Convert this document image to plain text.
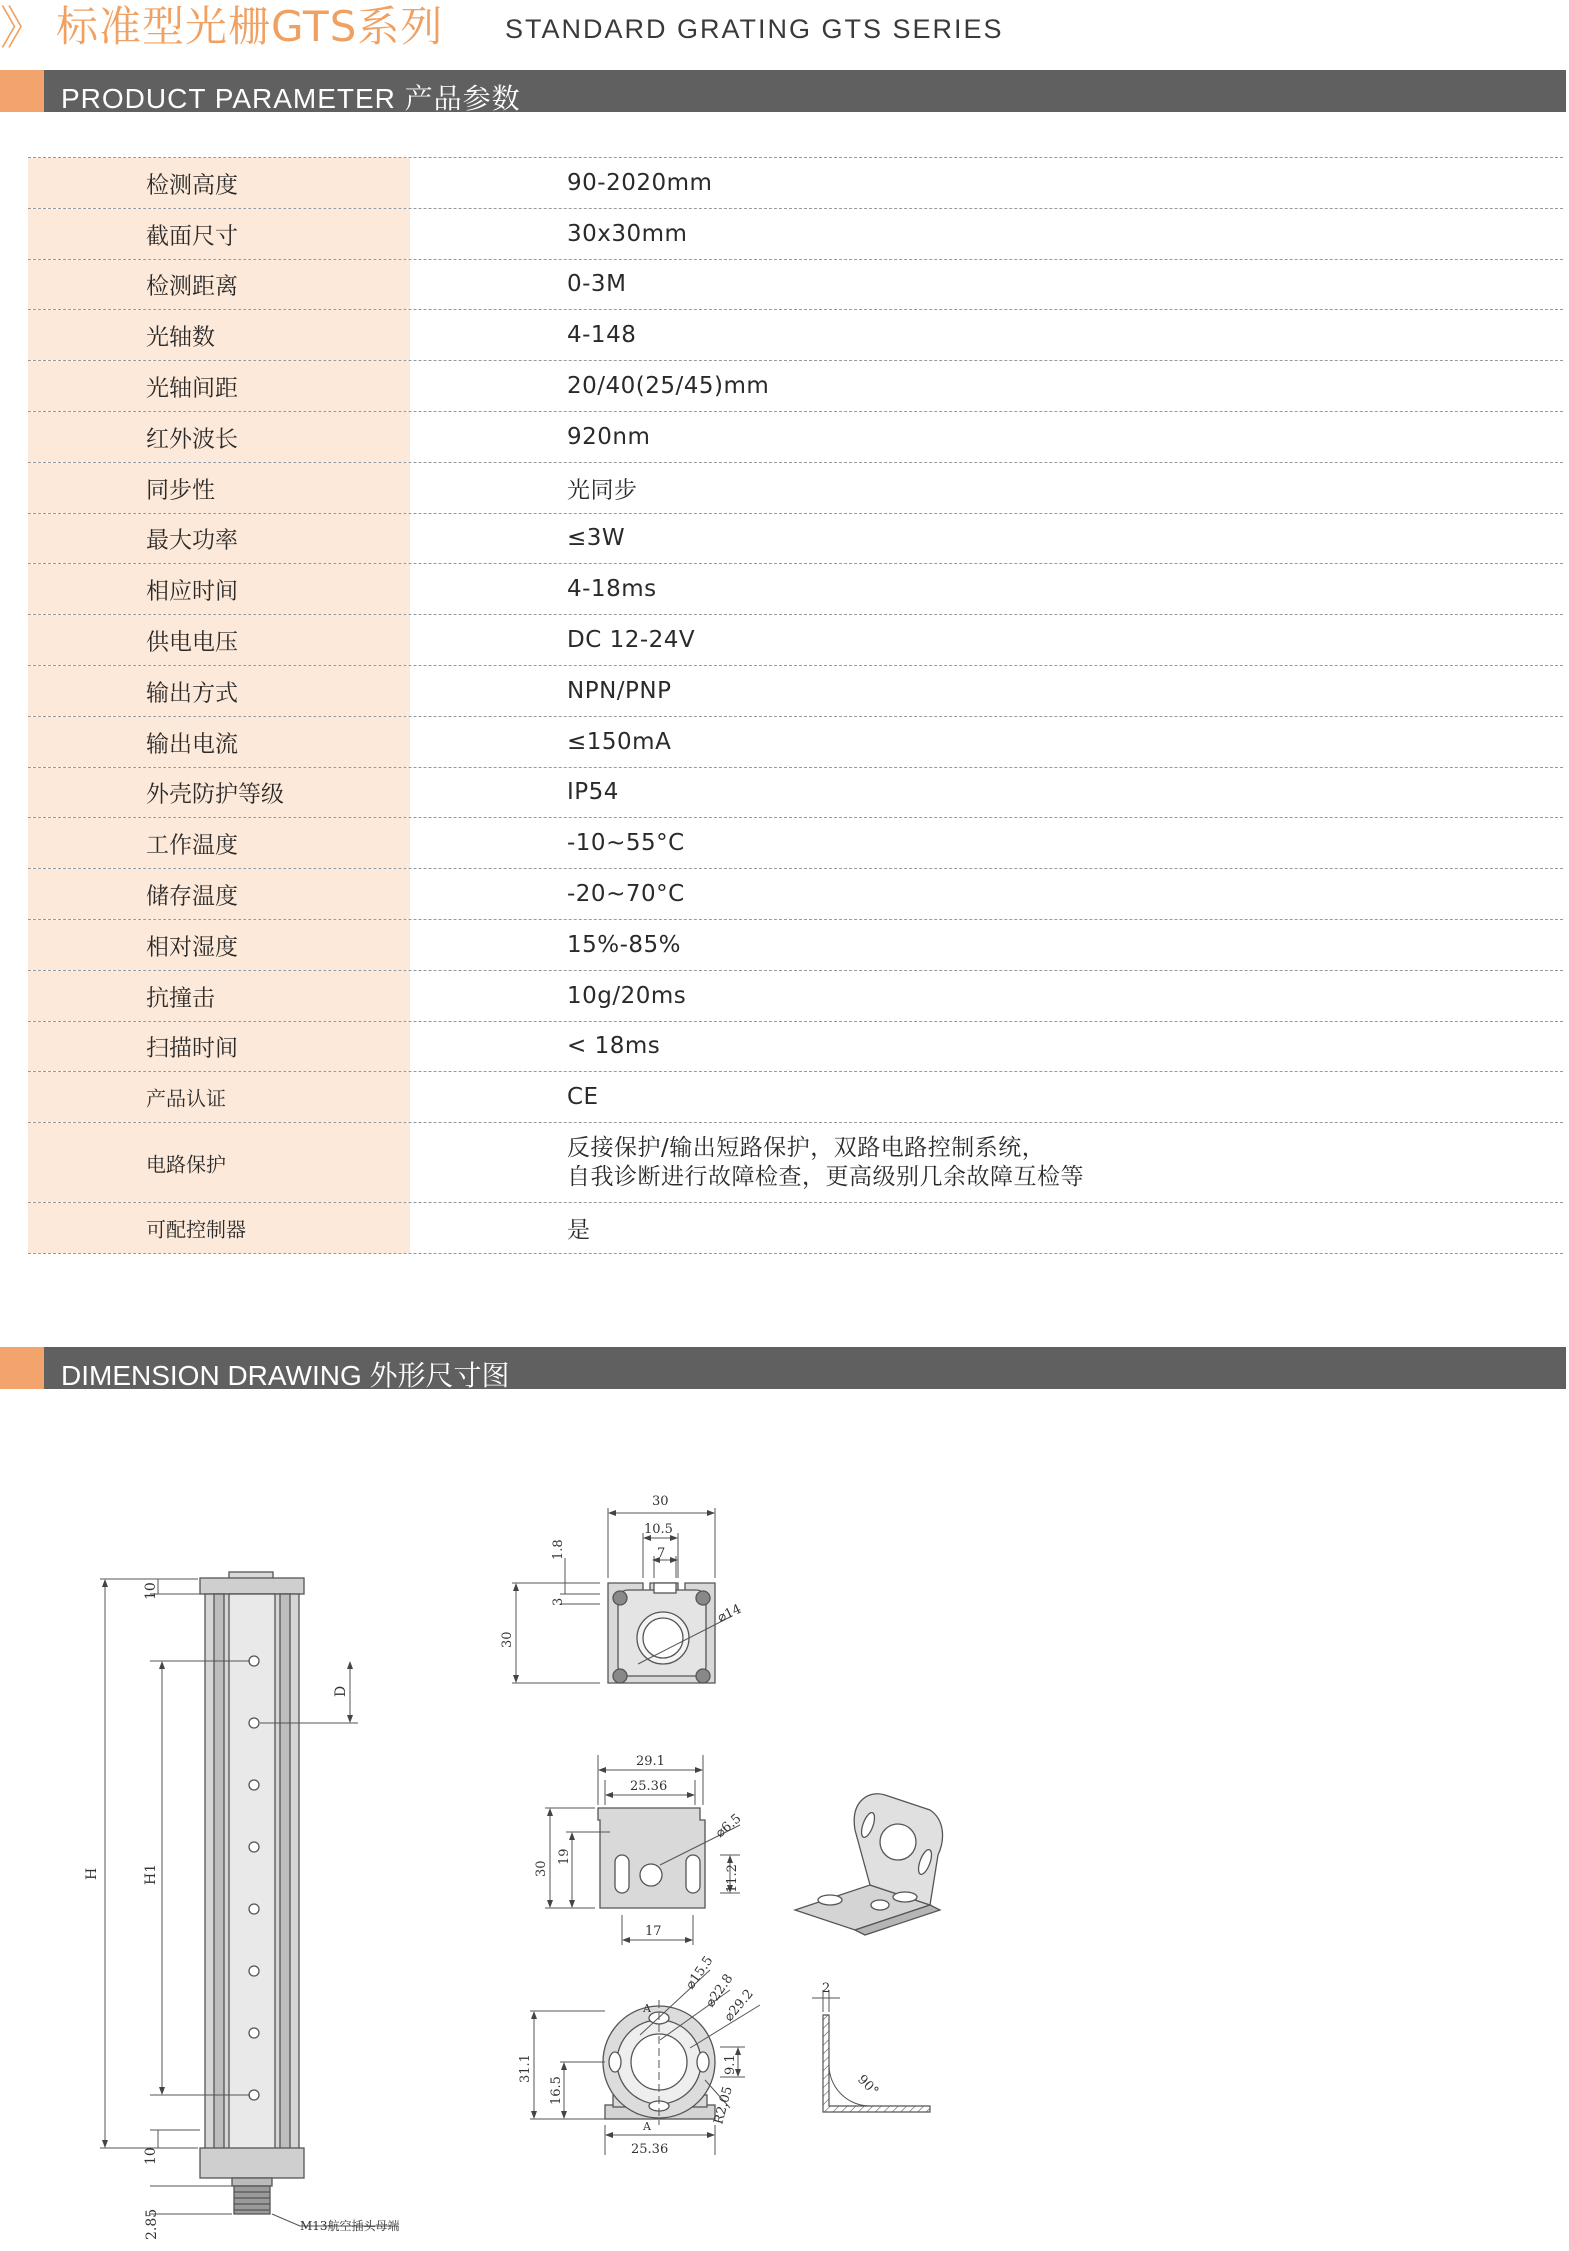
》 标准型光栅GTS系列 STANDARD GRATING GTS SERIES
PRODUCT PARAMETER 产品参数
检测高度	90-2020mm
截面尺寸	30x30mm
检测距离	0-3M
光轴数	4-148
光轴间距	20/40(25/45)mm
红外波长	920nm
同步性	光同步
最大功率	≤3W
相应时间	4-18ms
供电电压	DC 12-24V
输出方式	NPN/PNP
输出电流	≤150mA
外壳防护等级	IP54
工作温度	-10~55°C
储存温度	-20~70°C
相对湿度	15%-85%
抗撞击	10g/20ms
扫描时间	< 18ms
产品认证	CE
电路保护
反接保护/输出短路保护，双路电路控制系统，
自我诊断进行故障检查，更高级别几余故障互检等
可配控制器	是
DIMENSION DRAWING 外形尺寸图
H	H1
D
10
10
2.85	M13航空插头母端
30
10.5
7
1.8
3
30
⌀14
29.1
25.36
30
19
⌀6.5
11.2
17
⌀15.5
⌀22.8
⌀29.2
31.1
16.5
9.1
R2.05
25.36
A
A
2
90°
